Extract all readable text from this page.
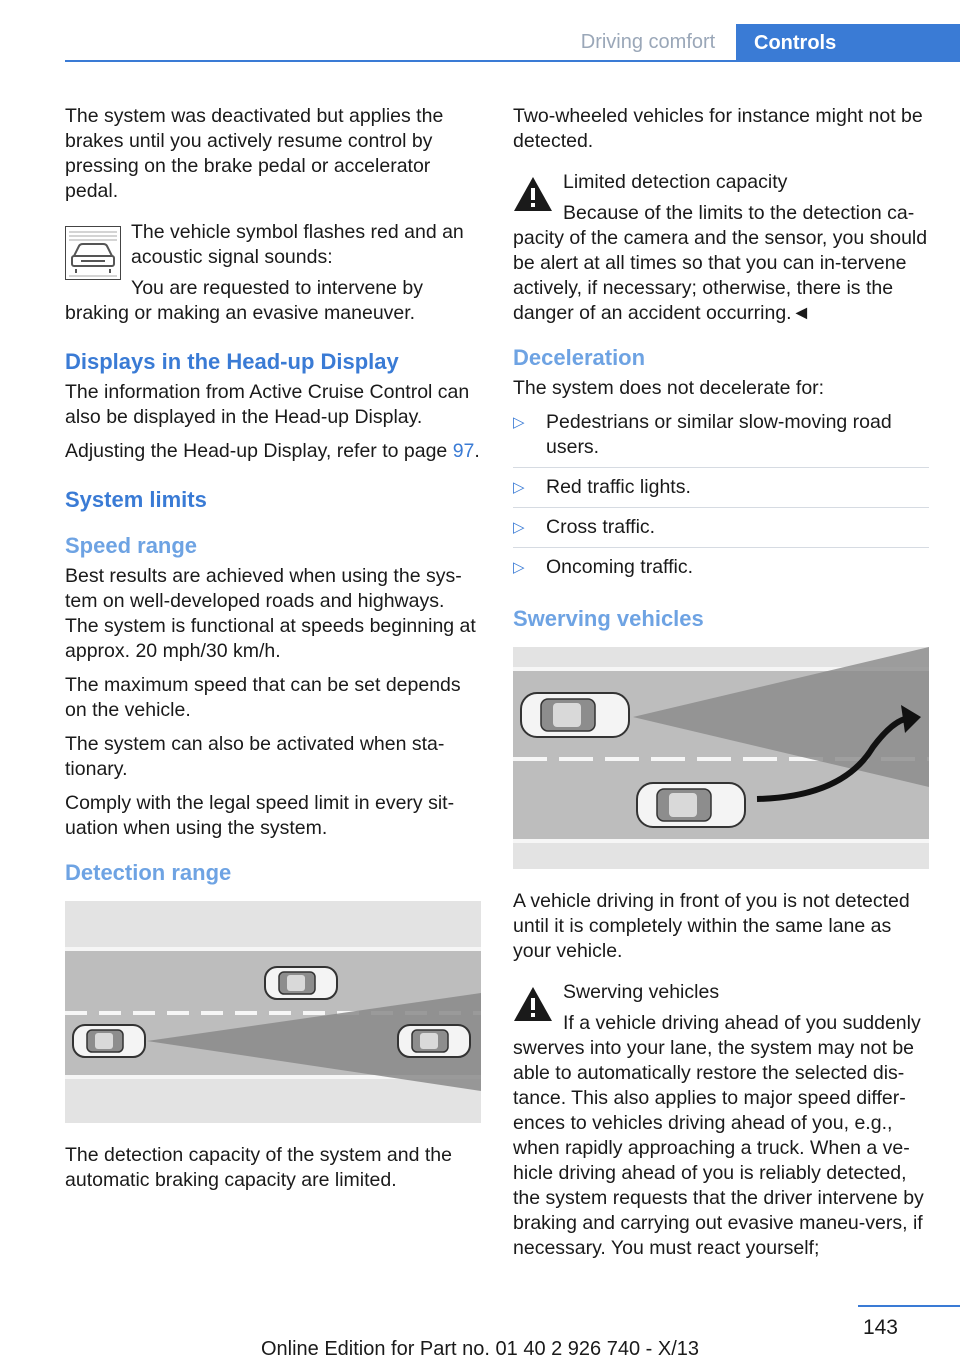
Driving comfort	Controls

The system was deactivated but applies the brakes until you actively resume control by pressing on the brake pedal or accelerator pedal.

The vehicle symbol flashes red and an acoustic signal sounds:

You are requested to intervene by braking or making an evasive maneuver.

Displays in the Head-up Display

The information from Active Cruise Control can also be displayed in the Head-up Display.

Adjusting the Head-up Display, refer to page 97.

System limits
Speed range

Best results are achieved when using the sys-tem on well-developed roads and highways. The system is functional at speeds beginning at approx. 20 mph/30 km/h.

The maximum speed that can be set depends on the vehicle.

The system can also be activated when sta-tionary.

Comply with the legal speed limit in every sit-uation when using the system.

Detection range

The detection capacity of the system and the automatic braking capacity are limited.

Two-wheeled vehicles for instance might not be detected.

Limited detection capacity

Because of the limits to the detection ca-pacity of the camera and the sensor, you should be alert at all times so that you can in-tervene actively, if necessary; otherwise, there is the danger of an accident occurring.◄

Deceleration

The system does not decelerate for:

▷ Pedestrians or similar slow-moving road users.
▷ Red traffic lights.
▷ Cross traffic.
▷ Oncoming traffic.
Swerving vehicles

A vehicle driving in front of you is not detected until it is completely within the same lane as your vehicle.

Swerving vehicles

If a vehicle driving ahead of you suddenly swerves into your lane, the system may not be able to automatically restore the selected dis-tance. This also applies to major speed differ-ences to vehicles driving ahead of you, e.g., when rapidly approaching a truck. When a ve-hicle driving ahead of you is reliably detected, the system requests that the driver intervene by braking and carrying out evasive maneu-vers, if necessary. You must react yourself;

143
Online Edition for Part no. 01 40 2 926 740 - X/13
